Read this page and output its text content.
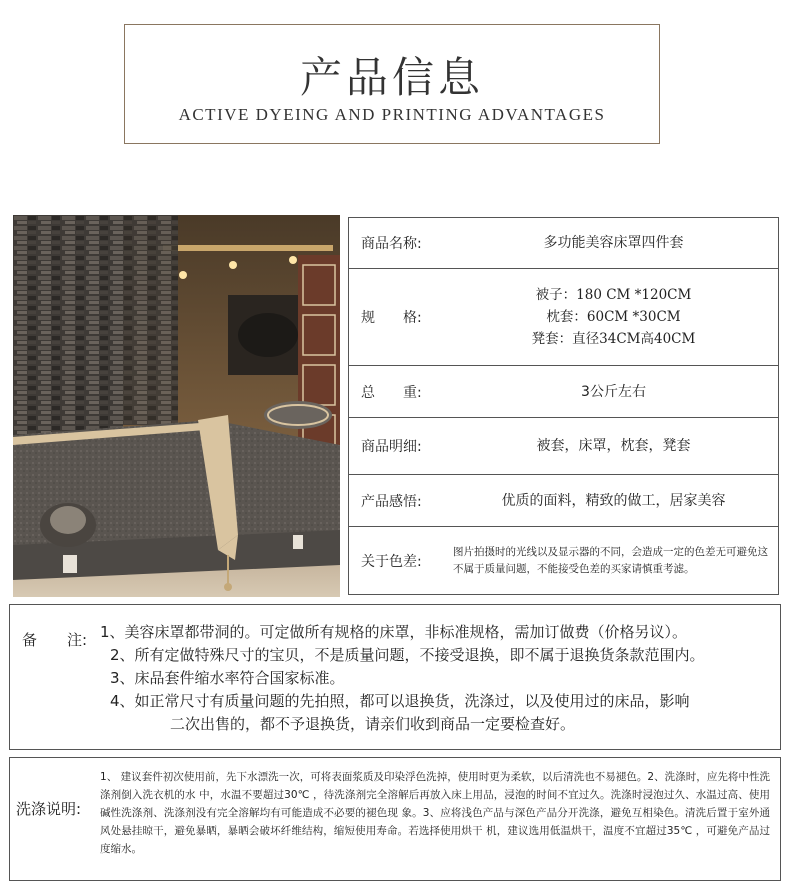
产品信息
ACTIVE DYEING AND PRINTING ADVANTAGES
商品名称:	多功能美容床罩四件套
规　　格:
被子：180 CM *120CM
枕套：60CM *30CM
凳套：直径34CM高40CM
总　　重:	3公斤左右
商品明细:	被套，床罩，枕套，凳套
产品感悟:	优质的面料，精致的做工，居家美容
关于色差:
图片拍摄时的光线以及显示器的不同，会造成一定的色差无可避免这不属于质量问题，不能接受色差的买家请慎重考滤。
备　　注: 1、美容床罩都带洞的。可定做所有规格的床罩，非标准规格，需加订做费（价格另议）。
2、所有定做特殊尺寸的宝贝，不是质量问题，不接受退换，即不属于退换货条款范围内。
3、床品套件缩水率符合国家标准。
4、如正常尺寸有质量问题的先拍照，都可以退换货，洗涤过，以及使用过的床品，影响
二次出售的，都不予退换货，请亲们收到商品一定要检查好。
洗涤说明:
1、 建议套件初次使用前，先下水漂洗一次，可将表面浆质及印染浮色洗掉，使用时更为柔软，以后清洗也不易褪色。2、洗涤时，应先将中性洗涤剂倒入洗衣机的水 中，水温不要超过30℃ ，待洗涤剂完全溶解后再放入床上用品，浸泡的时间不宜过久。洗涤时浸泡过久、水温过高、使用碱性洗涤剂、洗涤剂没有完全溶解均有可能造成不必要的褪色现 象。3、应将浅色产品与深色产品分开洗涤，避免互相染色。清洗后置于室外通风处悬挂晾干，避免暴晒，暴晒会破坏纤维结构，缩短使用寿命。若选择使用烘干 机，建议选用低温烘干，温度不宜超过35℃ ，可避免产品过度缩水。
